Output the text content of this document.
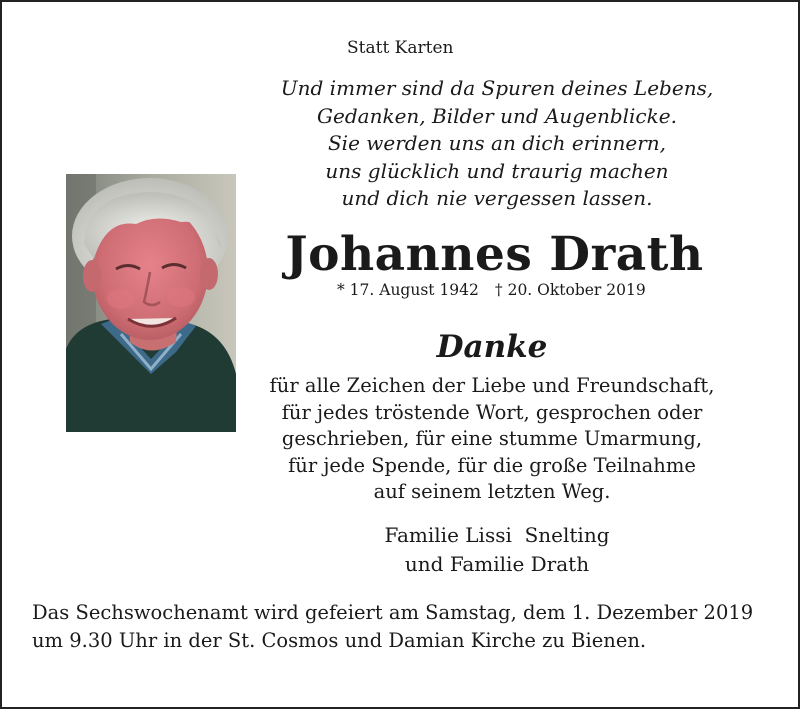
Statt Karten
Und immer sind da Spuren deines Lebens,
Gedanken, Bilder und Augenblicke.
Sie werden uns an dich erinnern,
uns glücklich und traurig machen
und dich nie vergessen lassen.
Johannes Drath
* 17. August 1942 † 20. Oktober 2019
Danke
für alle Zeichen der Liebe und Freundschaft,
für jedes tröstende Wort, gesprochen oder
geschrieben, für eine stumme Umarmung,
für jede Spende, für die große Teilnahme
auf seinem letzten Weg.
Familie Lissi  Snelting
und Familie Drath
Das Sechswochenamt wird gefeiert am Samstag, dem 1. Dezember 2019
um 9.30 Uhr in der St. Cosmos und Damian Kirche zu Bienen.
